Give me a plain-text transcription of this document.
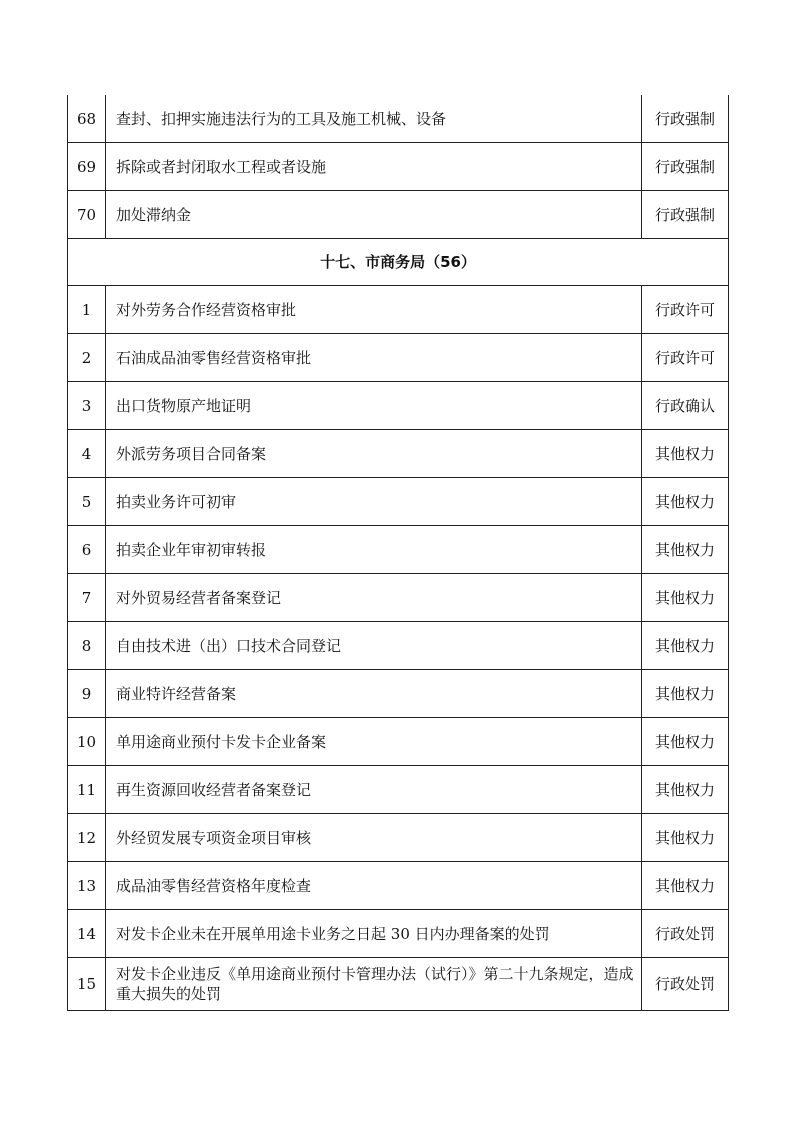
68	查封、扣押实施违法行为的工具及施工机械、设备	行政强制
69	拆除或者封闭取水工程或者设施	行政强制
70	加处滞纳金	行政强制
十七、市商务局（56）		
1	对外劳务合作经营资格审批	行政许可
2	石油成品油零售经营资格审批	行政许可
3	出口货物原产地证明	行政确认
4	外派劳务项目合同备案	其他权力
5	拍卖业务许可初审	其他权力
6	拍卖企业年审初审转报	其他权力
7	对外贸易经营者备案登记	其他权力
8	自由技术进（出）口技术合同登记	其他权力
9	商业特许经营备案	其他权力
10	单用途商业预付卡发卡企业备案	其他权力
11	再生资源回收经营者备案登记	其他权力
12	外经贸发展专项资金项目审核	其他权力
13	成品油零售经营资格年度检查	其他权力
14	对发卡企业未在开展单用途卡业务之日起 30 日内办理备案的处罚	行政处罚
15	对发卡企业违反《单用途商业预付卡管理办法（试行）》第二十九条规定，造成重大损失的处罚	行政处罚
